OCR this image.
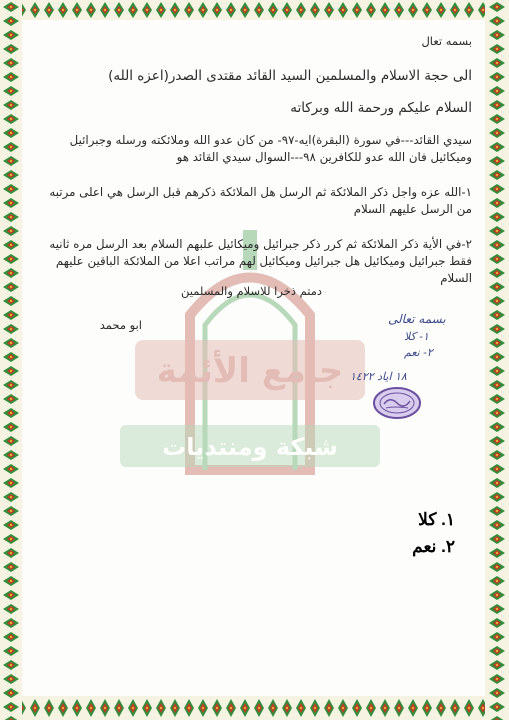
جامع الأئمة
شبكة ومنتديات
بسمه تعال
الى حجة الاسلام والمسلمين السيد القائد مقتدى الصدر(اعزه الله)
السلام عليكم ورحمة الله وبركاته
سيدي القائد---في سورة (البقرة)ايه-٩٧- من كان عدو الله وملائكته ورسله وجبرائيل وميكائيل فان الله عدو للكافرين ٩٨---السوال سيدي القائد هو
١-الله عزه واجل ذكر الملائكة ثم الرسل هل الملائكة ذكرهم قبل الرسل هي اعلى مرتبه من الرسل عليهم السلام
٢-في الأية ذكر الملائكة ثم كرر ذكر جبرائيل وميكائيل علبهم السلام بعد الرسل مره ثانيه فقط جبرائيل وميكائيل هل جبرائيل وميكائيل لهم مراتب اعلا من الملائكة الباقين عليهم السلام
دمتم ذخرا للاسلام والمسلمين
ابو محمد	بسمه تعالى
١- كلا
٢- نعم
١٨ اياد ١٤٢٢
١. كلا
٢. نعم
